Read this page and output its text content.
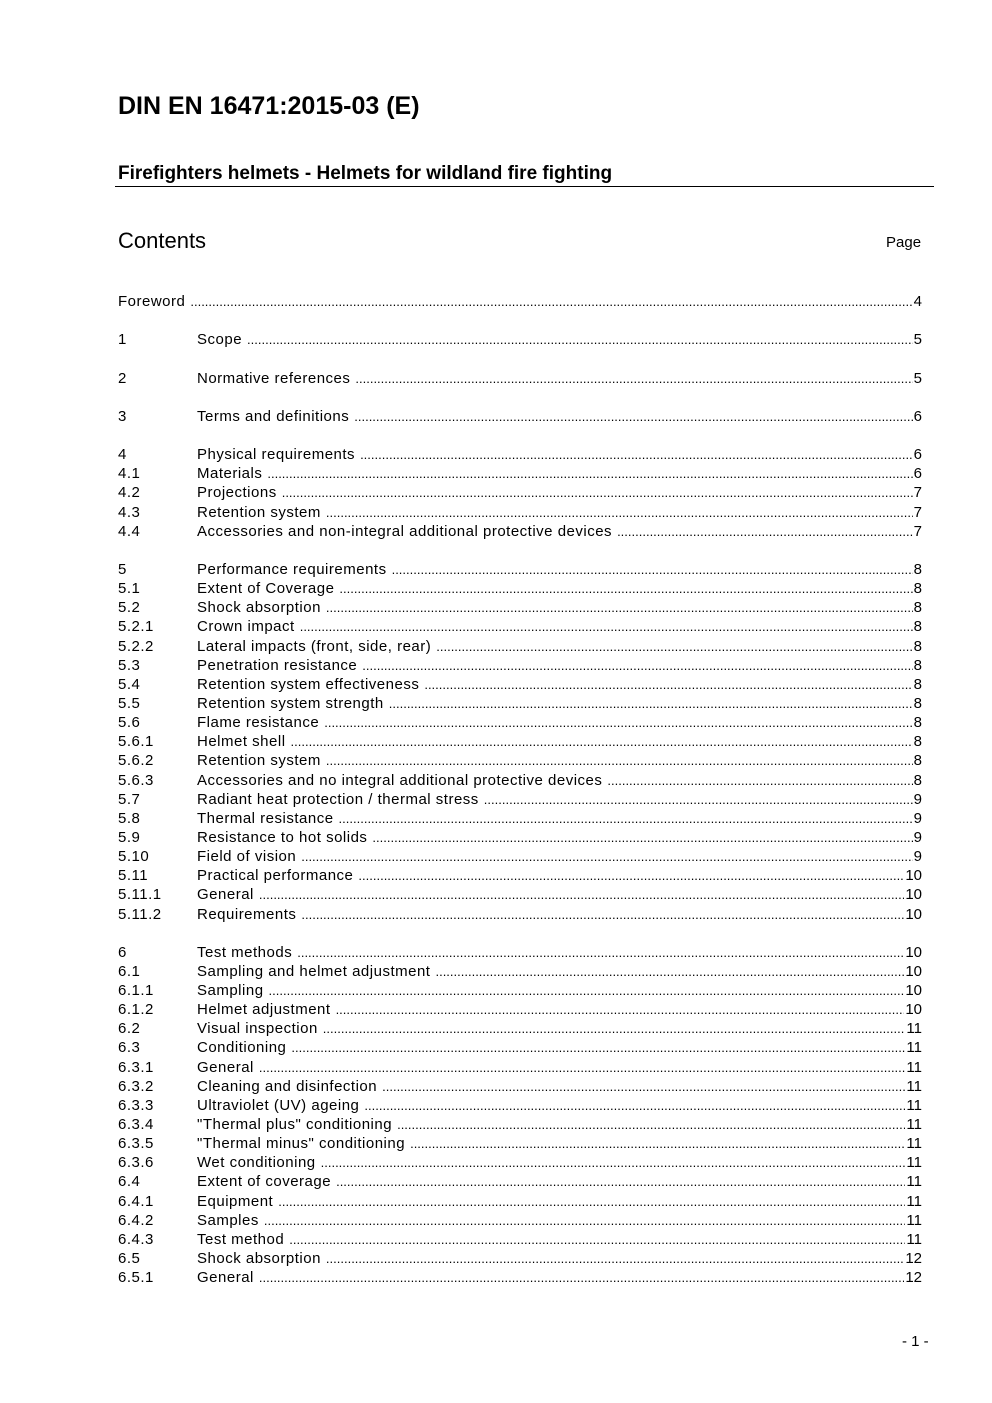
DIN EN 16471:2015-03 (E)
Firefighters helmets - Helmets for wildland fire fighting
Contents	Page
Foreword .....	4
1	Scope .....	5
2	Normative references .....	5
3	Terms and definitions .....	6
4	Physical requirements .....	6
4.1	Materials .....	6
4.2	Projections .....	7
4.3	Retention system .....	7
4.4	Accessories and non-integral additional protective devices .....	7
5	Performance requirements .....	8
5.1	Extent of Coverage .....	8
5.2	Shock absorption .....	8
5.2.1	Crown impact .....	8
5.2.2	Lateral impacts (front, side, rear) .....	8
5.3	Penetration resistance .....	8
5.4	Retention system effectiveness .....	8
5.5	Retention system strength .....	8
5.6	Flame resistance .....	8
5.6.1	Helmet shell .....	8
5.6.2	Retention system .....	8
5.6.3	Accessories and no integral additional protective devices .....	8
5.7	Radiant heat protection / thermal stress .....	9
5.8	Thermal resistance .....	9
5.9	Resistance to hot solids .....	9
5.10	Field of vision .....	9
5.11	Practical performance .....	10
5.11.1	General .....	10
5.11.2	Requirements .....	10
6	Test methods .....	10
6.1	Sampling and helmet adjustment .....	10
6.1.1	Sampling .....	10
6.1.2	Helmet adjustment .....	10
6.2	Visual inspection .....	11
6.3	Conditioning .....	11
6.3.1	General .....	11
6.3.2	Cleaning and disinfection .....	11
6.3.3	Ultraviolet (UV) ageing .....	11
6.3.4	"Thermal plus" conditioning .....	11
6.3.5	"Thermal minus" conditioning .....	11
6.3.6	Wet conditioning .....	11
6.4	Extent of coverage .....	11
6.4.1	Equipment .....	11
6.4.2	Samples .....	11
6.4.3	Test method .....	11
6.5	Shock absorption .....	12
6.5.1	General .....	12
- 1 -
